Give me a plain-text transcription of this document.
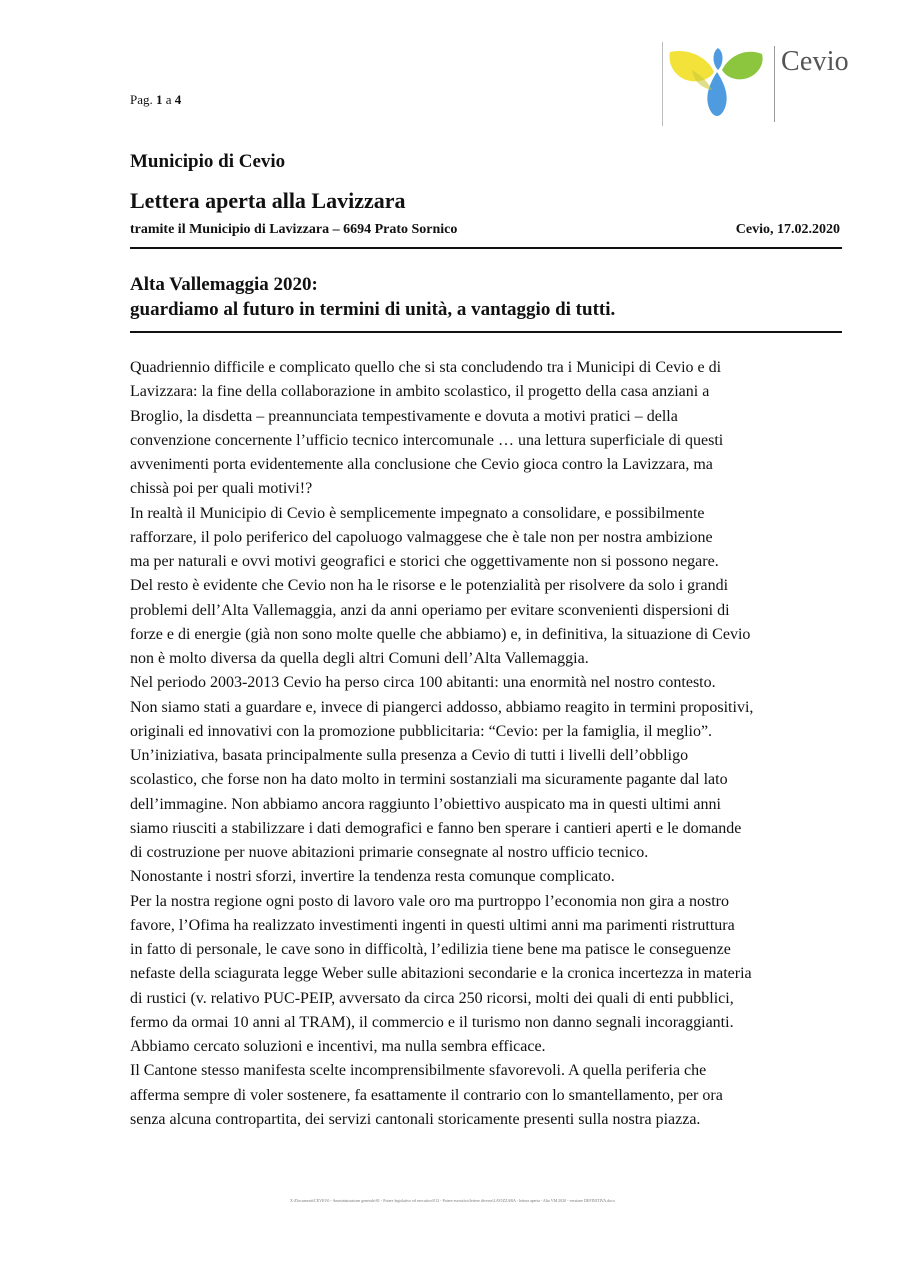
Pag. 1 a 4
Cevio
Municipio di Cevio
Lettera aperta alla Lavizzara
tramite il Municipio di Lavizzara – 6694 Prato Sornico	Cevio, 17.02.2020
Alta Vallemaggia 2020:
guardiamo al futuro in termini di unità, a vantaggio di tutti.
Quadriennio difficile e complicato quello che si sta concludendo tra i Municipi di Cevio e di
Lavizzara: la fine della collaborazione in ambito scolastico, il progetto della casa anziani a
Broglio, la disdetta – preannunciata tempestivamente e dovuta a motivi pratici – della
convenzione concernente l’ufficio tecnico intercomunale … una lettura superficiale di questi
avvenimenti porta evidentemente alla conclusione che Cevio gioca contro la Lavizzara, ma
chissà poi per quali motivi!?
In realtà il Municipio di Cevio è semplicemente impegnato a consolidare, e possibilmente
rafforzare, il polo periferico del capoluogo valmaggese che è tale non per nostra ambizione
ma per naturali e ovvi motivi geografici e storici che oggettivamente non si possono negare.
Del resto è evidente che Cevio non ha le risorse e le potenzialità per risolvere da solo i grandi
problemi dell’Alta Vallemaggia, anzi da anni operiamo per evitare sconvenienti dispersioni di
forze e di energie (già non sono molte quelle che abbiamo) e, in definitiva, la situazione di Cevio
non è molto diversa da quella degli altri Comuni dell’Alta Vallemaggia.
Nel periodo 2003-2013 Cevio ha perso circa 100 abitanti: una enormità nel nostro contesto.
Non siamo stati a guardare e, invece di piangerci addosso, abbiamo reagito in termini propositivi,
originali ed innovativi con la promozione pubblicitaria: “Cevio: per la famiglia, il meglio”.
Un’iniziativa, basata principalmente sulla presenza a Cevio di tutti i livelli dell’obbligo
scolastico, che forse non ha dato molto in termini sostanziali ma sicuramente pagante dal lato
dell’immagine. Non abbiamo ancora raggiunto l’obiettivo auspicato ma in questi ultimi anni
siamo riusciti a stabilizzare i dati demografici e fanno ben sperare i cantieri aperti e le domande
di costruzione per nuove abitazioni primarie consegnate al nostro ufficio tecnico.
Nonostante i nostri sforzi, invertire la tendenza resta comunque complicato.
Per la nostra regione ogni posto di lavoro vale oro ma purtroppo l’economia non gira a nostro
favore, l’Ofima ha realizzato investimenti ingenti in questi ultimi anni ma parimenti ristruttura
in fatto di personale, le cave sono in difficoltà, l’edilizia tiene bene ma patisce le conseguenze
nefaste della sciagurata legge Weber sulle abitazioni secondarie e la cronica incertezza in materia
di rustici (v. relativo PUC-PEIP, avversato da circa 250 ricorsi, molti dei quali di enti pubblici,
fermo da ormai 10 anni al TRAM), il commercio e il turismo non danno segnali incoraggianti.
Abbiamo cercato soluzioni e incentivi, ma nulla sembra efficace.
Il Cantone stesso manifesta scelte incomprensibilmente sfavorevoli. A quella periferia che
afferma sempre di voler sostenere, fa esattamente il contrario con lo smantellamento, per ora
senza alcuna contropartita, dei servizi cantonali storicamente presenti sulla nostra piazza.
X:\Documenti\CEVIO\0 - Amministrazione generale\01 - Potere legislativo ed esecutivo\012 - Potere esecutivo\lettere diverse\LAVIZZARA - lettera aperta - Alta VM 2020 - versione DEFINITIVA.docx
